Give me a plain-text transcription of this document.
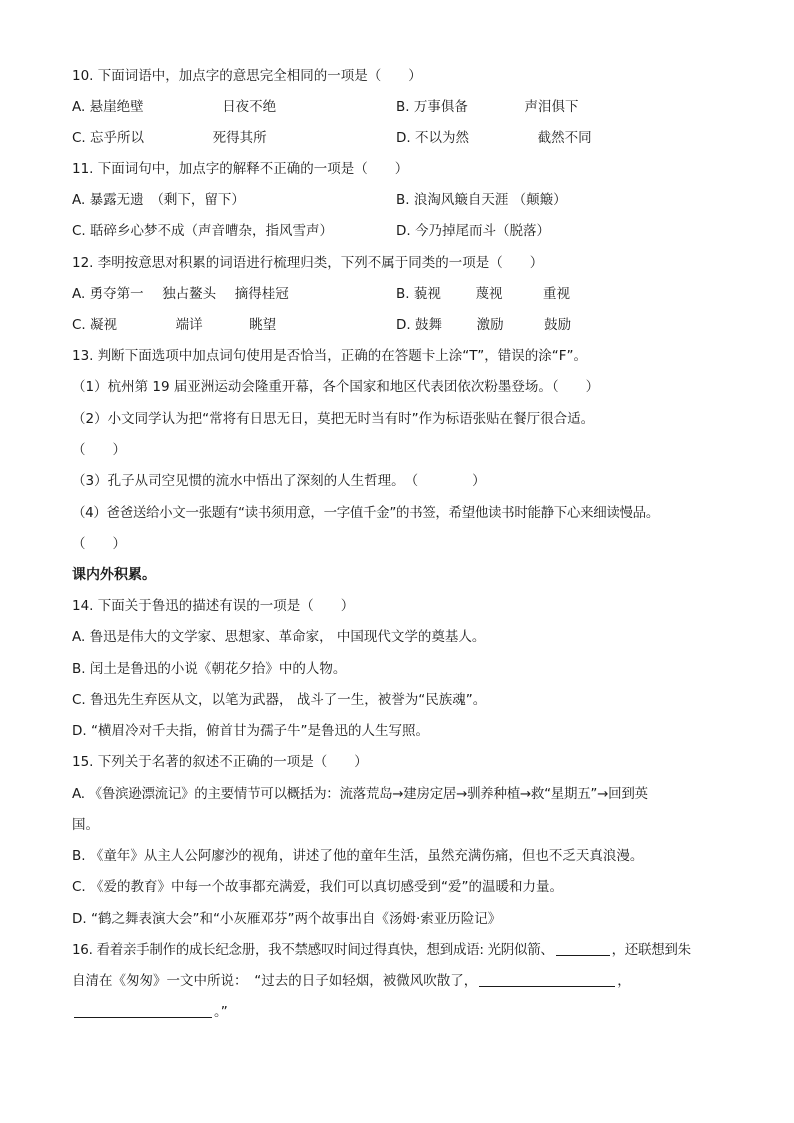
10. 下面词语中，加点字的意思完全相同的一项是（　　）
A. 悬崖绝壁	日夜不绝	B. 万事俱备	声泪俱下
C. 忘乎所以	死得其所	D. 不以为然	截然不同
11. 下面词句中，加点字的解释不正确的一项是（　　）
A. 暴露无遗　（剩下，留下）	B. 浪淘风簸自天涯 （颠簸）
C. 聒碎乡心梦不成（声音嘈杂，指风雪声）	D. 今乃掉尾而斗（脱落）
12. 李明按意思对积累的词语进行梳理归类，下列不属于同类的一项是（　　）
A. 勇夺第一 独占鳌头 摘得桂冠	B. 藐视	蔑视	重视
C. 凝视	端详	眺望	D. 鼓舞	激励	鼓励
13. 判断下面选项中加点词句使用是否恰当，正确的在答题卡上涂“T”，错误的涂“F”。
（1）杭州第 19 届亚洲运动会隆重开幕，各个国家和地区代表团依次粉墨登场。（　　）
（2）小文同学认为把“常将有日思无日，莫把无时当有时”作为标语张贴在餐厅很合适。
（　　）
（3）孔子从司空见惯的流水中悟出了深刻的人生哲理。　（　　　　）
（4）爸爸送给小文一张题有“读书须用意，一字值千金”的书签，希望他读书时能静下心来细读慢品。
（　　）
课内外积累。
14. 下面关于鲁迅的描述有误的一项是（　　）
A. 鲁迅是伟大的文学家、思想家、革命家， 中国现代文学的奠基人。
B. 闰土是鲁迅的小说《朝花夕拾》中的人物。
C. 鲁迅先生弃医从文，以笔为武器， 战斗了一生，被誉为“民族魂”。
D. “横眉冷对千夫指，俯首甘为孺子牛”是鲁迅的人生写照。
15. 下列关于名著的叙述不正确的一项是（　　）
A. 《鲁滨逊漂流记》的主要情节可以概括为：流落荒岛→建房定居→驯养种植→救“星期五”→回到英
国。
B. 《童年》从主人公阿廖沙的视角，讲述了他的童年生活，虽然充满伤痛，但也不乏天真浪漫。
C. 《爱的教育》中每一个故事都充满爱，我们可以真切感受到“爱”的温暖和力量。
D. “鹤之舞表演大会”和“小灰雁邓芬”两个故事出自《汤姆·索亚历险记》
16. 看着亲手制作的成长纪念册，我不禁感叹时间过得真快，想到成语: 光阴似箭、	，还联想到朱
自清在《匆匆》一文中所说：　“过去的日子如轻烟，被微风吹散了，	，
。”
